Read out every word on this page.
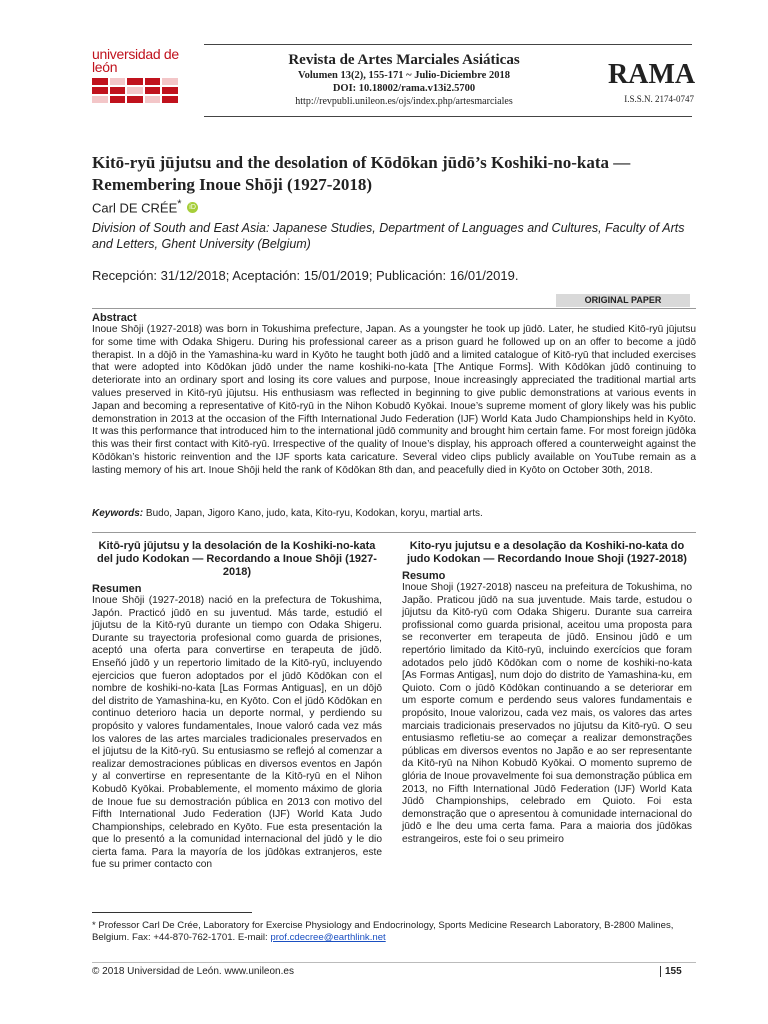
universidad de león	Revista de Artes Marciales Asiáticas
Volumen 13(2), 155-171 ~ Julio-Diciembre 2018
DOI: 10.18002/rama.v13i2.5700
http://revpubli.unileon.es/ojs/index.php/artesmarciales
RAMA
I.S.S.N. 2174-0747
Kitō-ryū jūjutsu and the desolation of Kōdōkan jūdō’s Koshiki-no-kata —Remembering Inoue Shōji (1927-2018)
Carl DE CRÉE* iD
Division of South and East Asia: Japanese Studies, Department of Languages and Cultures, Faculty of Arts and Letters, Ghent University (Belgium)
Recepción: 31/12/2018; Aceptación: 15/01/2019; Publicación: 16/01/2019.
ORIGINAL PAPER
Abstract
Inoue Shōji (1927-2018) was born in Tokushima prefecture, Japan. As a youngster he took up jūdō. Later, he studied Kitō-ryū jūjutsu for some time with Odaka Shigeru. During his professional career as a prison guard he followed up on an offer to become a jūdō therapist. In a dōjō in the Yamashina-ku ward in Kyōto he taught both jūdō and a limited catalogue of Kitō-ryū that included exercises that were adopted into Kōdōkan jūdō under the name koshiki-no-kata [The Antique Forms]. With Kōdōkan jūdō continuing to deteriorate into an ordinary sport and losing its core values and purpose, Inoue increasingly appreciated the traditional martial arts values preserved in Kitō-ryū jūjutsu. His enthusiasm was reflected in beginning to give public demonstrations at various events in Japan and becoming a representative of Kitō-ryū in the Nihon Kobudō Kyōkai. Inoue’s supreme moment of glory likely was his public demonstration in 2013 at the occasion of the Fifth International Judo Federation (IJF) World Kata Judo Championships held in Kyōto. It was this performance that introduced him to the international jūdō community and brought him certain fame. For most foreign jūdōka this was their first contact with Kitō-ryū. Irrespective of the quality of Inoue’s display, his approach offered a counterweight against the Kōdōkan’s historic reinvention and the IJF sports kata caricature. Several video clips publicly available on YouTube remain as a lasting memory of his art. Inoue Shōji held the rank of Kōdōkan 8th dan, and peacefully died in Kyōto on October 30th, 2018.
Keywords: Budo, Japan, Jigoro Kano, judo, kata, Kito-ryu, Kodokan, koryu, martial arts.
Kitō-ryū jūjutsu y la desolación de la Koshiki-no-kata del judo Kodokan — Recordando a Inoue Shōji (1927-2018)
Resumen

Inoue Shōji (1927-2018) nació en la prefectura de Tokushima, Japón. Practicó jūdō en su juventud. Más tarde, estudió el jūjutsu de la Kitō-ryū durante un tiempo con Odaka Shigeru. Durante su trayectoria profesional como guarda de prisiones, aceptó una oferta para convertirse en terapeuta de jūdō. Enseñó jūdō y un repertorio limitado de la Kitō-ryū, incluyendo ejercicios que fueron adoptados por el jūdō Kōdōkan con el nombre de koshiki-no-kata [Las Formas Antiguas], en un dōjō del distrito de Yamashina-ku, en Kyōto. Con el jūdō Kōdōkan en continuo deterioro hacia un deporte normal, y perdiendo su propósito y valores fundamentales, Inoue valoró cada vez más los valores de las artes marciales tradicionales preservados en el jūjutsu de la Kitō-ryū. Su entusiasmo se reflejó al comenzar a realizar demostraciones públicas en diversos eventos en Japón y al convertirse en representante de la Kitō-ryū en el Nihon Kobudō Kyōkai. Probablemente, el momento máximo de gloria de Inoue fue su demostración pública en 2013 con motivo del Fifth International Judo Federation (IJF) World Kata Judo Championships, celebrado en Kyōto. Fue esta presentación la que lo presentó a la comunidad internacional del jūdō y le dio cierta fama. Para la mayoría de los jūdōkas extranjeros, este fue su primer contacto con

Kito-ryu jujutsu e a desolação da Koshiki-no-kata do judo Kodokan — Recordando Inoue Shoji (1927-2018)
Resumo

Inoue Shoji (1927-2018) nasceu na prefeitura de Tokushima, no Japão. Praticou jūdō na sua juventude. Mais tarde, estudou o jūjutsu da Kitō-ryū com Odaka Shigeru. Durante sua carreira profissional como guarda prisional, aceitou uma proposta para se reconverter em terapeuta de jūdō. Ensinou jūdō e um repertório limitado da Kitō-ryū, incluindo exercícios que foram adotados pelo jūdō Kōdōkan com o nome de koshiki-no-kata [As Formas Antigas], num dojo do distrito de Yamashina-ku, em Quioto. Com o jūdō Kōdōkan continuando a se deteriorar em um esporte comum e perdendo seus valores fundamentais e propósito, Inoue valorizou, cada vez mais, os valores das artes marciais tradicionais preservados no jūjutsu da Kitō-ryū. O seu entusiasmo refletiu-se ao começar a realizar demonstrações públicas em diversos eventos no Japão e ao ser representante da Kitō-ryū na Nihon Kobudō Kyōkai. O momento supremo de glória de Inoue provavelmente foi sua demonstração pública em 2013, no Fifth International Jūdō Federation (IJF) World Kata Jūdō Championships, celebrado em Quioto. Foi esta demonstração que o apresentou à comunidade internacional do jūdō e lhe deu uma certa fama. Para a maioria dos jūdōkas estrangeiros, este foi o seu primeiro

* Professor Carl De Crée, Laboratory for Exercise Physiology and Endocrinology, Sports Medicine Research Laboratory, B-2800 Malines, Belgium. Fax: +44-870-762-1701. E-mail: prof.cdecree@earthlink.net
© 2018 Universidad de León. www.unileon.es	155
